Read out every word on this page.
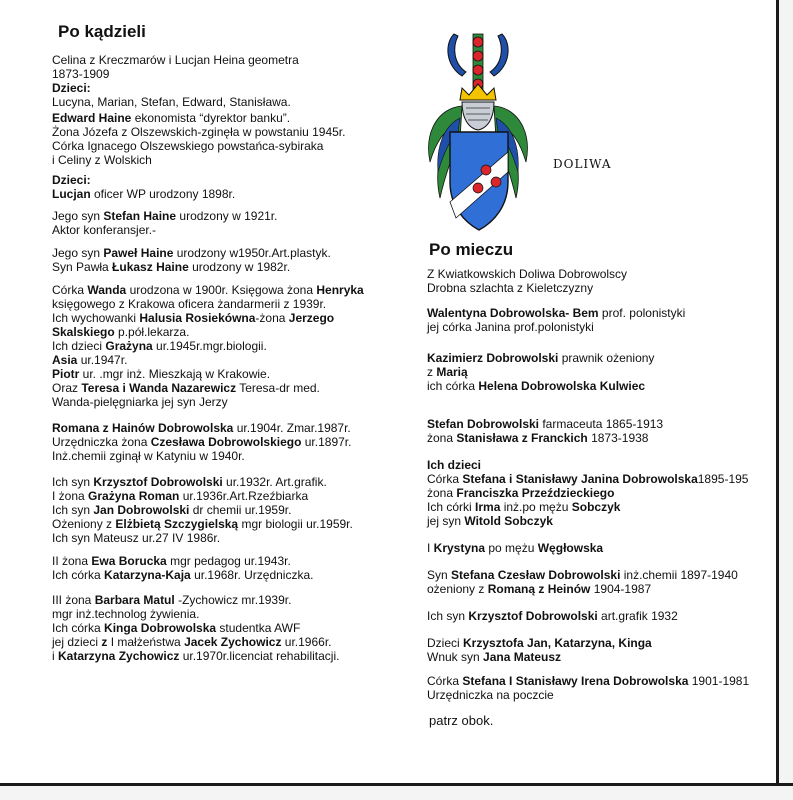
Po kądzieli
Celina z Kreczmarów i Lucjan Heina geometra
1873-1909
Dzieci:
Lucyna, Marian, Stefan, Edward, Stanisława.
Edward Haine ekonomista “dyrektor banku”.
Żona Józefa z Olszewskich-zginęła w powstaniu 1945r.
Córka Ignacego Olszewskiego powstańca-sybiraka
i Celiny z Wolskich
Dzieci:
Lucjan oficer WP urodzony 1898r.
Jego syn Stefan Haine urodzony w 1921r.
Aktor konferansjer.-
Jego syn Paweł Haine urodzony w1950r.Art.plastyk.
Syn Pawła Łukasz Haine urodzony w 1982r.
Córka Wanda urodzona w 1900r. Księgowa żona Henryka
księgowego z Krakowa oficera żandarmerii z 1939r.
Ich wychowanki Halusia Rosiekówna-żona Jerzego
Skalskiego p.pół.lekarza.
Ich dzieci Grażyna ur.1945r.mgr.biologii.
Asia ur.1947r.
Piotr ur. .mgr inż. Mieszkają w Krakowie.
Oraz Teresa i Wanda Nazarewicz Teresa-dr med.
Wanda-pielęgniarka jej syn Jerzy
Romana z Hainów Dobrowolska ur.1904r. Zmar.1987r.
Urzędniczka żona Czesława Dobrowolskiego ur.1897r.
Inż.chemii zginął w Katyniu w 1940r.
Ich syn Krzysztof Dobrowolski ur.1932r. Art.grafik.
I żona Grażyna Roman ur.1936r.Art.Rzeźbiarka
Ich syn Jan Dobrowolski dr chemii ur.1959r.
Ożeniony z Elżbietą Szczygielską mgr biologii ur.1959r.
Ich syn Mateusz ur.27 IV 1986r.
II żona Ewa Borucka mgr pedagog ur.1943r.
Ich córka Katarzyna-Kaja ur.1968r. Urzędniczka.
III żona Barbara Matul -Zychowicz mr.1939r.
mgr inż.technolog żywienia.
Ich córka Kinga Dobrowolska studentka AWF
jej dzieci z I małżeństwa Jacek Zychowicz ur.1966r.
i Katarzyna Zychowicz ur.1970r.licenciat rehabilitacji.
DOLIWA
Po mieczu
Z Kwiatkowskich Doliwa Dobrowolscy
Drobna szlachta z Kieletczyzny
Walentyna Dobrowolska- Bem prof. polonistyki
jej córka Janina prof.polonistyki
Kazimierz Dobrowolski prawnik ożeniony
z Marią
ich córka Helena Dobrowolska Kulwiec
Stefan Dobrowolski farmaceuta 1865-1913
żona Stanisława z Franckich 1873-1938
Ich dzieci
Córka Stefana i Stanisławy Janina Dobrowolska1895-195
żona Franciszka Przeździeckiego
Ich córki Irma inż.po mężu Sobczyk
jej syn Witold Sobczyk
I Krystyna po mężu Węgłowska
Syn Stefana Czesław Dobrowolski inż.chemii 1897-1940
ożeniony z Romaną z Heinów 1904-1987
Ich syn Krzysztof Dobrowolski art.grafik 1932
Dzieci Krzysztofa Jan, Katarzyna, Kinga
Wnuk syn Jana Mateusz
Córka Stefana I Stanisławy Irena Dobrowolska 1901-1981
Urzędniczka na poczcie
patrz obok.
